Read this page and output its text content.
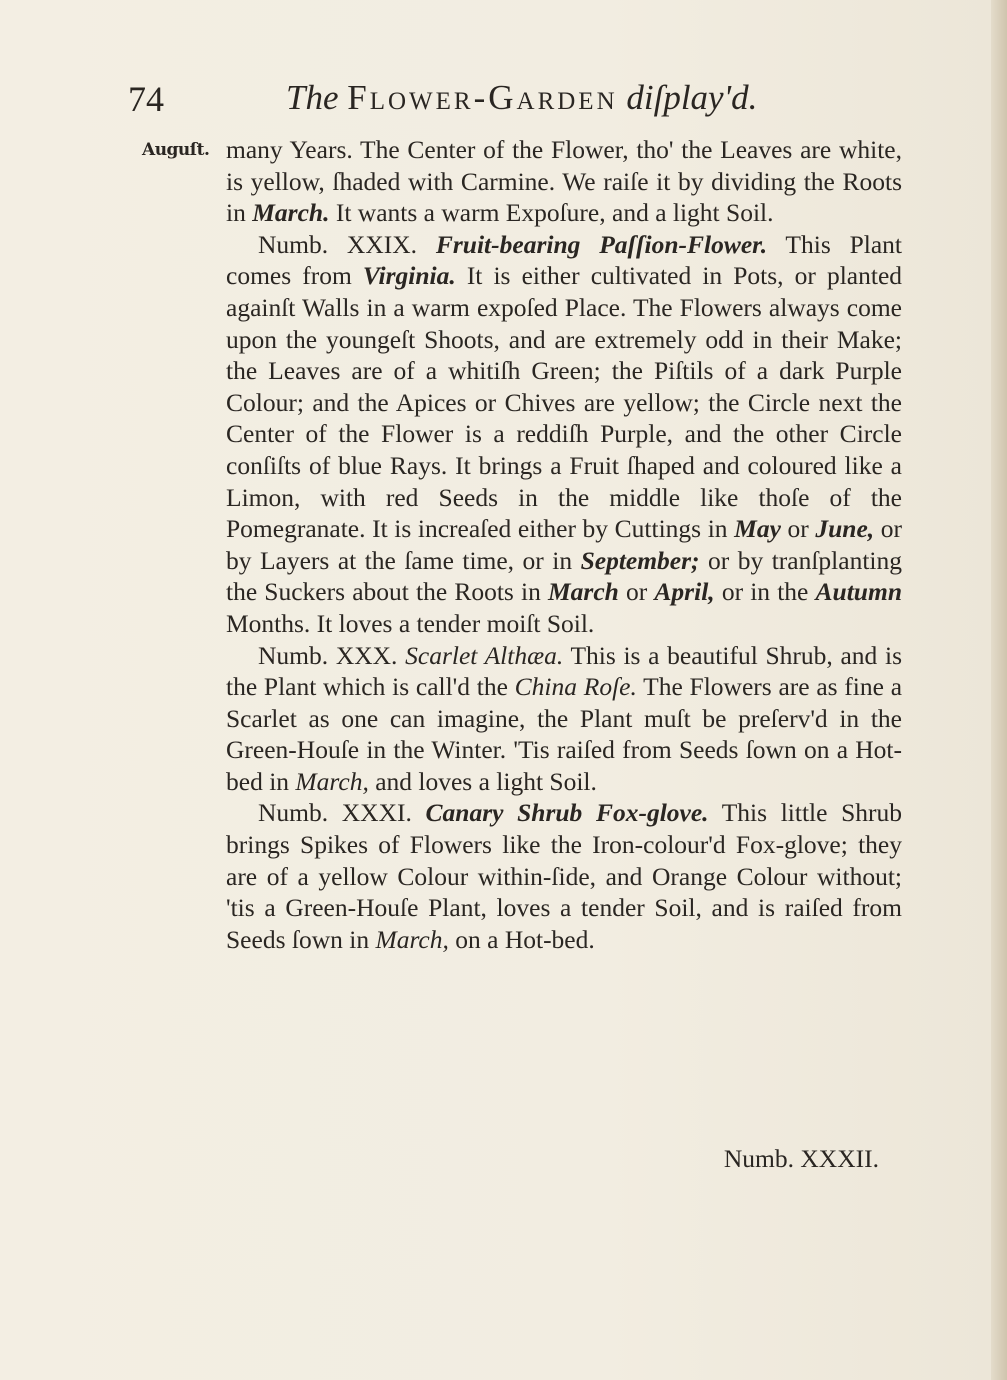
74	The Flower-Garden diſplay'd.
Auguſt. many Years. The Center of the Flower, tho' the Leaves are white, is yellow, ſhaded with Carmine. We raiſe it by dividing the Roots in March. It wants a warm Expoſure, and a light Soil.

Numb. XXIX. Fruit-bearing Paſſion-Flower. This Plant comes from Virginia. It is either cultivated in Pots, or planted againſt Walls in a warm expoſed Place. The Flowers always come upon the youngeſt Shoots, and are extremely odd in their Make; the Leaves are of a whitiſh Green; the Piſtils of a dark Purple Colour; and the Apices or Chives are yellow; the Circle next the Center of the Flower is a reddiſh Purple, and the other Circle conſiſts of blue Rays. It brings a Fruit ſhaped and coloured like a Limon, with red Seeds in the middle like thoſe of the Pomegranate. It is increaſed either by Cuttings in May or June, or by Layers at the ſame time, or in September; or by tranſplanting the Suckers about the Roots in March or April, or in the Autumn Months. It loves a tender moiſt Soil.

Numb. XXX. Scarlet Althæa. This is a beautiful Shrub, and is the Plant which is call'd the China Roſe. The Flowers are as fine a Scarlet as one can imagine, the Plant muſt be preſerv'd in the Green-Houſe in the Winter. 'Tis raiſed from Seeds ſown on a Hot-bed in March, and loves a light Soil.

Numb. XXXI. Canary Shrub Fox-glove. This little Shrub brings Spikes of Flowers like the Iron-colour'd Fox-glove; they are of a yellow Colour within-ſide, and Orange Colour without; 'tis a Green-Houſe Plant, loves a tender Soil, and is raiſed from Seeds ſown in March, on a Hot-bed.

Numb. XXXII.
